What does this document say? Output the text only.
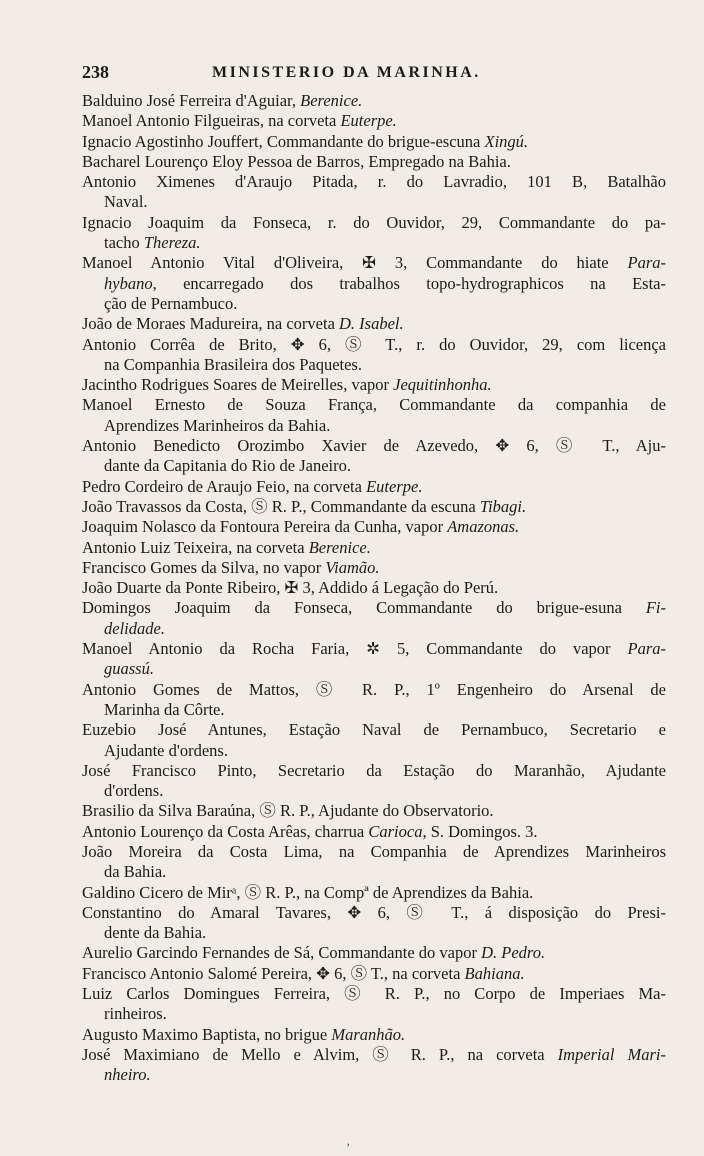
238	MINISTERIO DA MARINHA.

Balduino José Ferreira d'Aguiar, Berenice.

Manoel Antonio Filgueiras, na corveta Euterpe.

Ignacio Agostinho Jouffert, Commandante do brigue-escuna Xingú.

Bacharel Lourenço Eloy Pessoa de Barros, Empregado na Bahia.

Antonio Ximenes d'Araujo Pitada, r. do Lavradio, 101 B, Batalhão
Naval.

Ignacio Joaquim da Fonseca, r. do Ouvidor, 29, Commandante do pa-
tacho Thereza.

Manoel Antonio Vital d'Oliveira, ✠ 3, Commandante do hiate Para-
hybano, encarregado dos trabalhos topo-hydrographicos na Esta-
ção de Pernambuco.

João de Moraes Madureira, na corveta D. Isabel.

Antonio Corrêa de Brito, ✥ 6, Ⓢ T., r. do Ouvidor, 29, com licença
na Companhia Brasileira dos Paquetes.

Jacintho Rodrigues Soares de Meirelles, vapor Jequitinhonha.

Manoel Ernesto de Souza França, Commandante da companhia de
Aprendizes Marinheiros da Bahia.

Antonio Benedicto Orozimbo Xavier de Azevedo, ✥ 6, Ⓢ T., Aju-
dante da Capitania do Rio de Janeiro.

Pedro Cordeiro de Araujo Feio, na corveta Euterpe.

João Travassos da Costa, Ⓢ R. P., Commandante da escuna Tibagi.

Joaquim Nolasco da Fontoura Pereira da Cunha, vapor Amazonas.

Antonio Luiz Teixeira, na corveta Berenice.

Francisco Gomes da Silva, no vapor Viamão.

João Duarte da Ponte Ribeiro, ✠ 3, Addido á Legação do Perú.

Domingos Joaquim da Fonseca, Commandante do brigue-esuna Fi-
delidade.

Manoel Antonio da Rocha Faria, ✲ 5, Commandante do vapor Para-
guassú.

Antonio Gomes de Mattos, Ⓢ R. P., 1º Engenheiro do Arsenal de
Marinha da Côrte.

Euzebio José Antunes, Estação Naval de Pernambuco, Secretario e
Ajudante d'ordens.

José Francisco Pinto, Secretario da Estação do Maranhão, Ajudante
d'ordens.

Brasilio da Silva Baraúna, Ⓢ R. P., Ajudante do Observatorio.

Antonio Lourenço da Costa Arêas, charrua Carioca, S. Domingos. 3.

João Moreira da Costa Lima, na Companhia de Aprendizes Marinheiros
da Bahia.

Galdino Cicero de Mirᵃ, Ⓢ R. P., na Compª de Aprendizes da Bahia.

Constantino do Amaral Tavares, ✥ 6, Ⓢ T., á disposição do Presi-
dente da Bahia.

Aurelio Garcindo Fernandes de Sá, Commandante do vapor D. Pedro.

Francisco Antonio Salomé Pereira, ✥ 6, Ⓢ T., na corveta Bahiana.

Luiz Carlos Domingues Ferreira, Ⓢ R. P., no Corpo de Imperiaes Ma-
rinheiros.

Augusto Maximo Baptista, no brigue Maranhão.

José Maximiano de Mello e Alvim, Ⓢ R. P., na corveta Imperial Mari-
nheiro.

ʼ
